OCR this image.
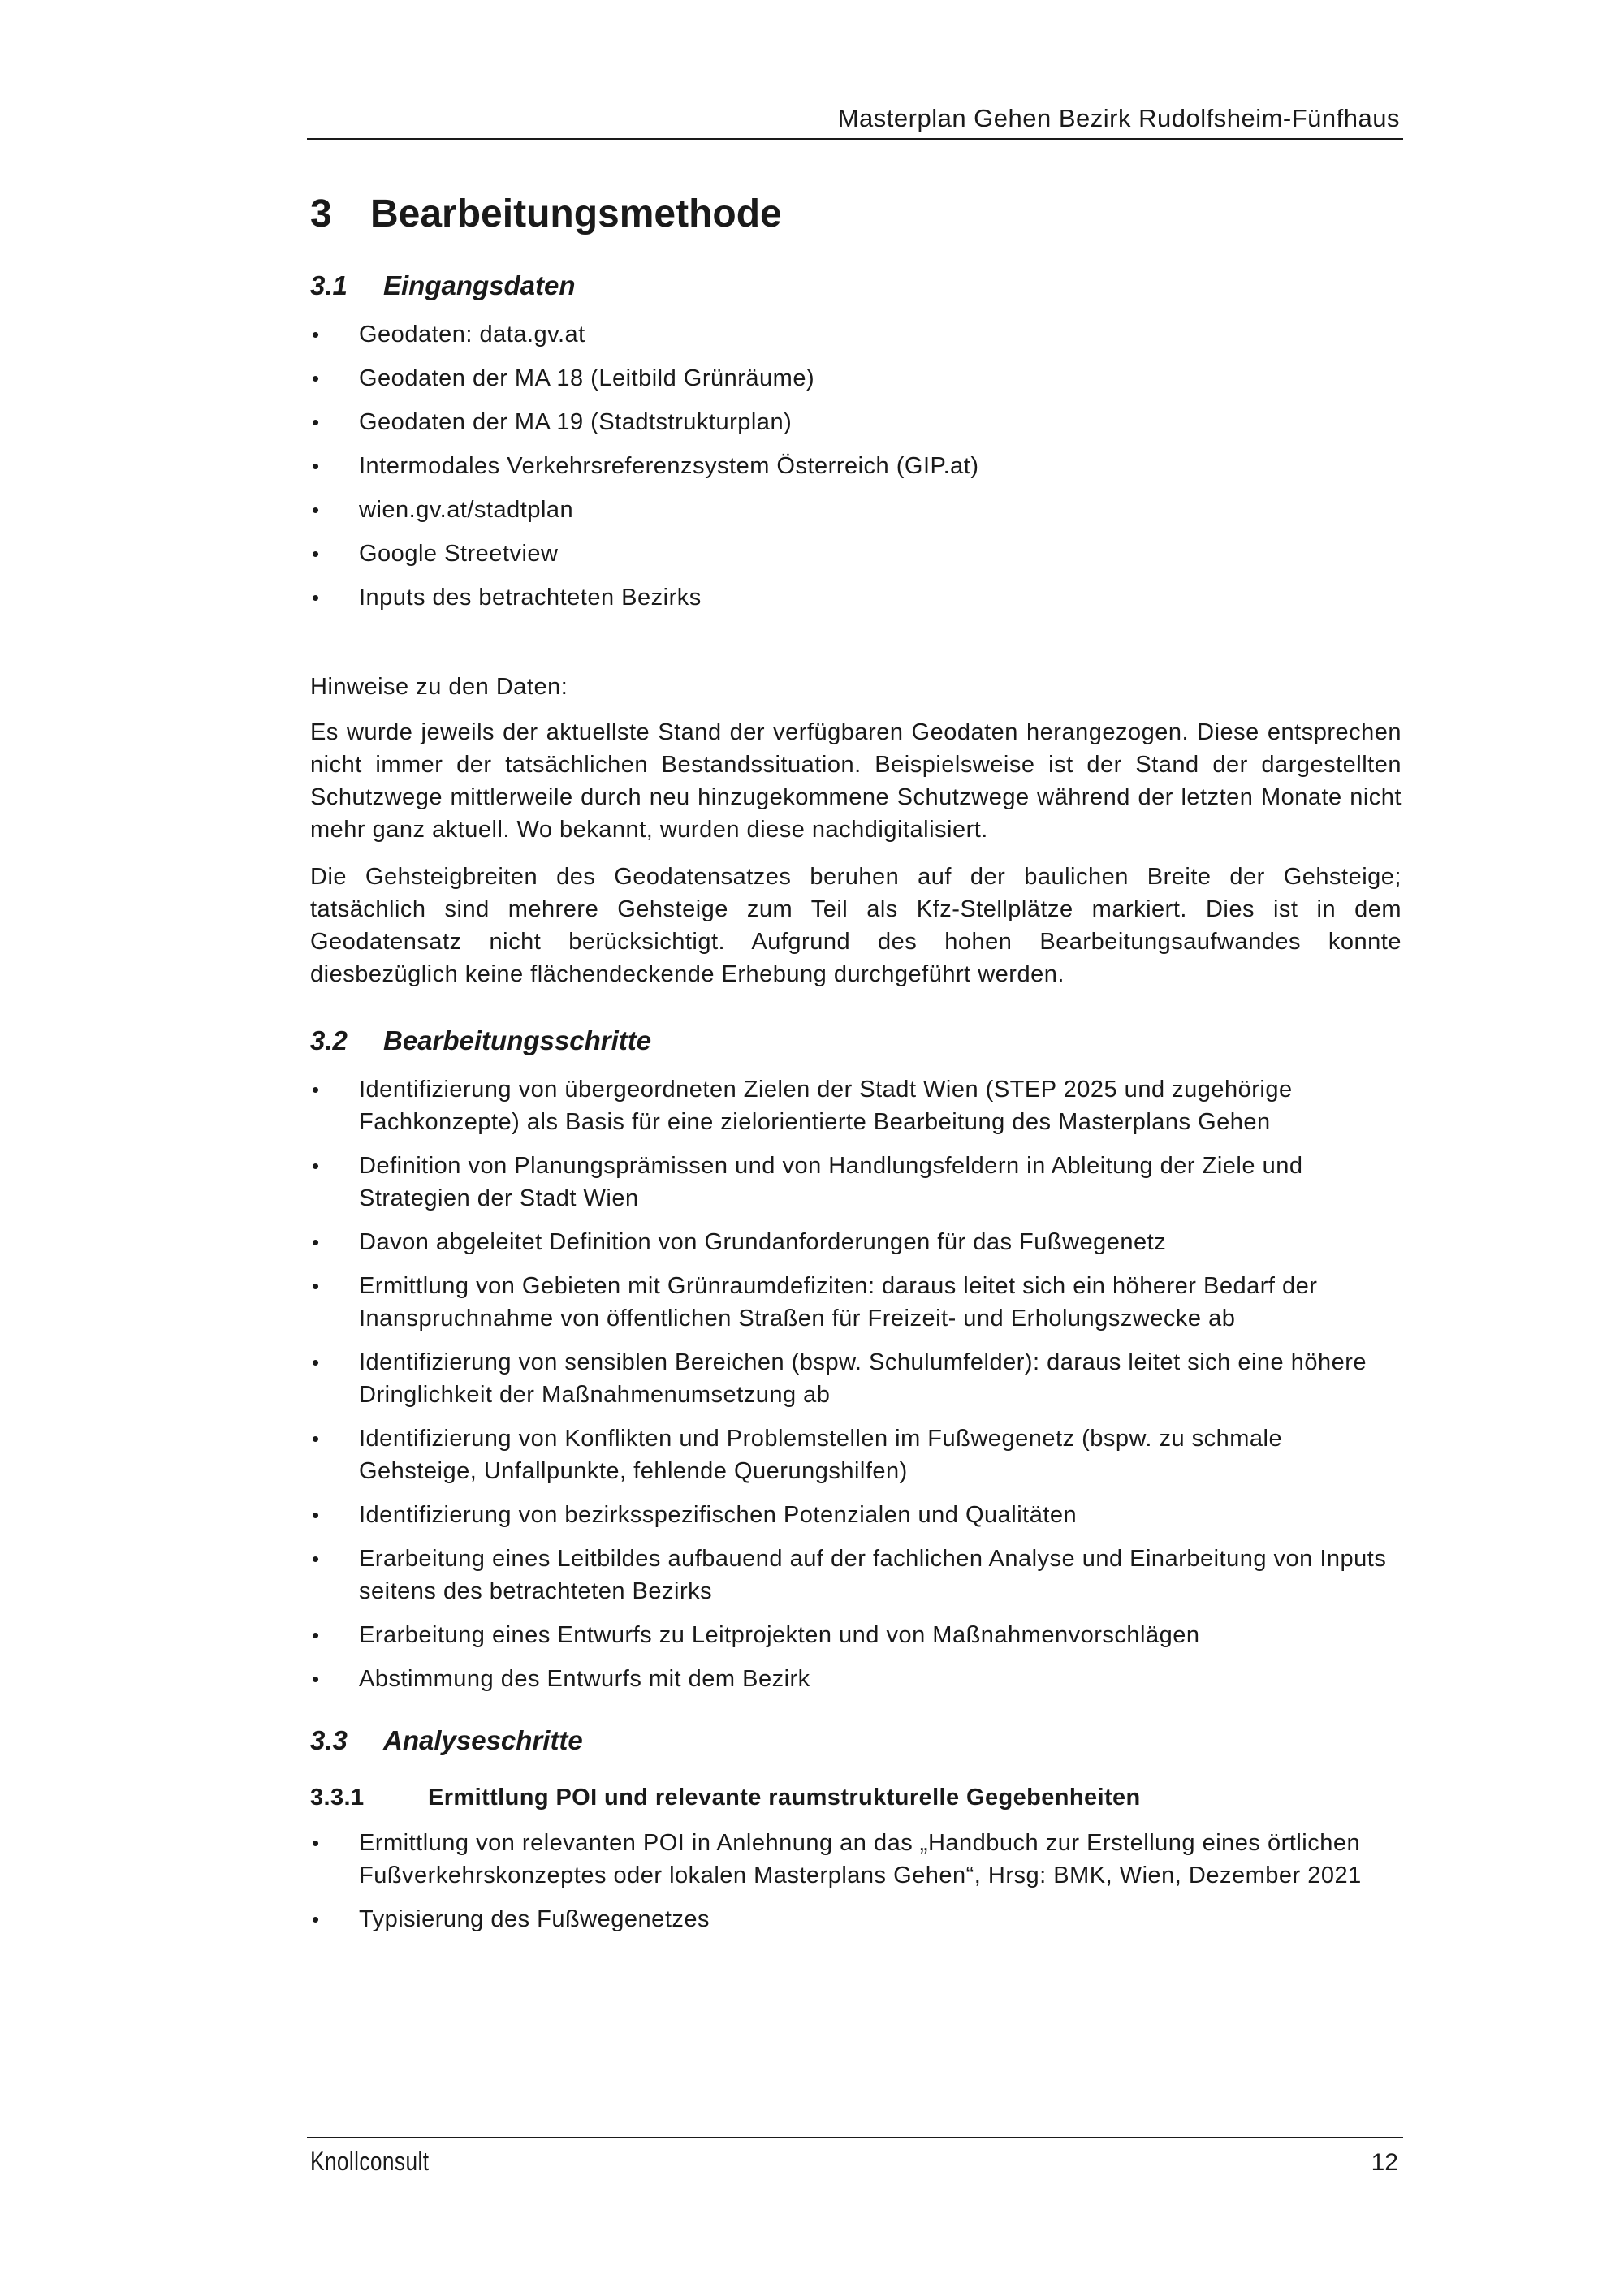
Masterplan Gehen Bezirk Rudolfsheim-Fünfhaus
3 Bearbeitungsmethode
3.1	Eingangsdaten
• Geodaten: data.gv.at
• Geodaten der MA 18 (Leitbild Grünräume)
• Geodaten der MA 19 (Stadtstrukturplan)
• Intermodales Verkehrsreferenzsystem Österreich (GIP.at)
• wien.gv.at/stadtplan
• Google Streetview
• Inputs des betrachteten Bezirks

Hinweise zu den Daten:

Es wurde jeweils der aktuellste Stand der verfügbaren Geodaten herangezogen. Diese entsprechen nicht immer der tatsächlichen Bestandssituation. Beispielsweise ist der Stand der dargestellten Schutzwege mittlerweile durch neu hinzugekommene Schutzwege während der letzten Monate nicht mehr ganz aktuell. Wo bekannt, wurden diese nachdigitalisiert.

Die Gehsteigbreiten des Geodatensatzes beruhen auf der baulichen Breite der Gehsteige; tatsächlich sind mehrere Gehsteige zum Teil als Kfz-Stellplätze markiert. Dies ist in dem Geodatensatz nicht berücksichtigt. Aufgrund des hohen Bearbeitungsaufwandes konnte diesbezüglich keine flächendeckende Erhebung durchgeführt werden.

3.2	Bearbeitungsschritte
• Identifizierung von übergeordneten Zielen der Stadt Wien (STEP 2025 und zugehörige Fachkonzepte) als Basis für eine zielorientierte Bearbeitung des Masterplans Gehen
• Definition von Planungsprämissen und von Handlungsfeldern in Ableitung der Ziele und Strategien der Stadt Wien
• Davon abgeleitet Definition von Grundanforderungen für das Fußwegenetz
• Ermittlung von Gebieten mit Grünraumdefiziten: daraus leitet sich ein höherer Bedarf der Inanspruchnahme von öffentlichen Straßen für Freizeit- und Erholungszwecke ab
• Identifizierung von sensiblen Bereichen (bspw. Schulumfelder): daraus leitet sich eine höhere Dringlichkeit der Maßnahmenumsetzung ab
• Identifizierung von Konflikten und Problemstellen im Fußwegenetz (bspw. zu schmale Gehsteige, Unfallpunkte, fehlende Querungshilfen)
• Identifizierung von bezirksspezifischen Potenzialen und Qualitäten
• Erarbeitung eines Leitbildes aufbauend auf der fachlichen Analyse und Einarbeitung von Inputs seitens des betrachteten Bezirks
• Erarbeitung eines Entwurfs zu Leitprojekten und von Maßnahmenvorschlägen
• Abstimmung des Entwurfs mit dem Bezirk
3.3	Analyseschritte
3.3.1	Ermittlung POI und relevante raumstrukturelle Gegebenheiten
• Ermittlung von relevanten POI in Anlehnung an das „Handbuch zur Erstellung eines örtlichen Fußverkehrskonzeptes oder lokalen Masterplans Gehen“, Hrsg: BMK, Wien, Dezember 2021
• Typisierung des Fußwegenetzes
Knollconsult	12
